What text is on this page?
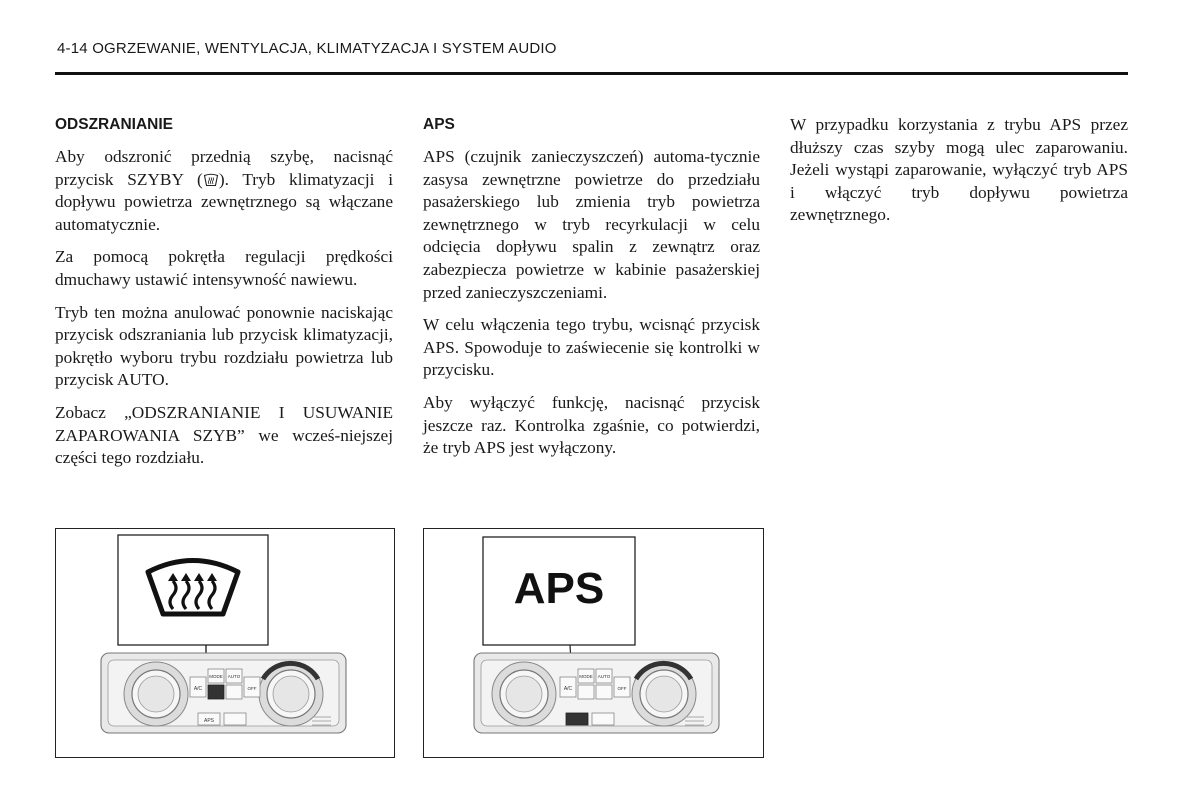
4-14 OGRZEWANIE, WENTYLACJA, KLIMATYZACJA I SYSTEM AUDIO
ODSZRANIANIE

Aby odszronić przednią szybę, nacisnąć przycisk SZYBY ( ). Tryb klimatyzacji i dopływu powietrza zewnętrznego są włączane automatycznie.

Za pomocą pokrętła regulacji prędkości dmuchawy ustawić intensywność nawiewu.

Tryb ten można anulować ponownie naciskając przycisk odszraniania lub przycisk klimatyzacji, pokrętło wyboru trybu rozdziału powietrza lub przycisk AUTO.

Zobacz „ODSZRANIANIE I USUWANIE ZAPAROWANIA SZYB” we wcześ-niejszej części tego rozdziału.

APS

APS (czujnik zanieczyszczeń) automa-tycznie zasysa zewnętrzne powietrze do przedziału pasażerskiego lub zmienia tryb powietrza zewnętrznego w tryb recyrkulacji w celu odcięcia dopływu spalin z zewnątrz oraz zabezpiecza powietrze w kabinie pasażerskiej przed zanieczyszczeniami.

W celu włączenia tego trybu, wcisnąć przycisk APS. Spowoduje to zaświecenie się kontrolki w przycisku.

Aby wyłączyć funkcję, nacisnąć przycisk jeszcze raz. Kontrolka zgaśnie, co potwierdzi, że tryb APS jest wyłączony.

W przypadku korzystania z trybu APS przez dłuższy czas szyby mogą ulec zaparowaniu. Jeżeli wystąpi zaparowanie, wyłączyć tryb APS i włączyć tryb dopływu powietrza zewnętrznego.

A/C
MODE AUTO
OFF
APS
APS
A/C
MODE AUTO
OFF
